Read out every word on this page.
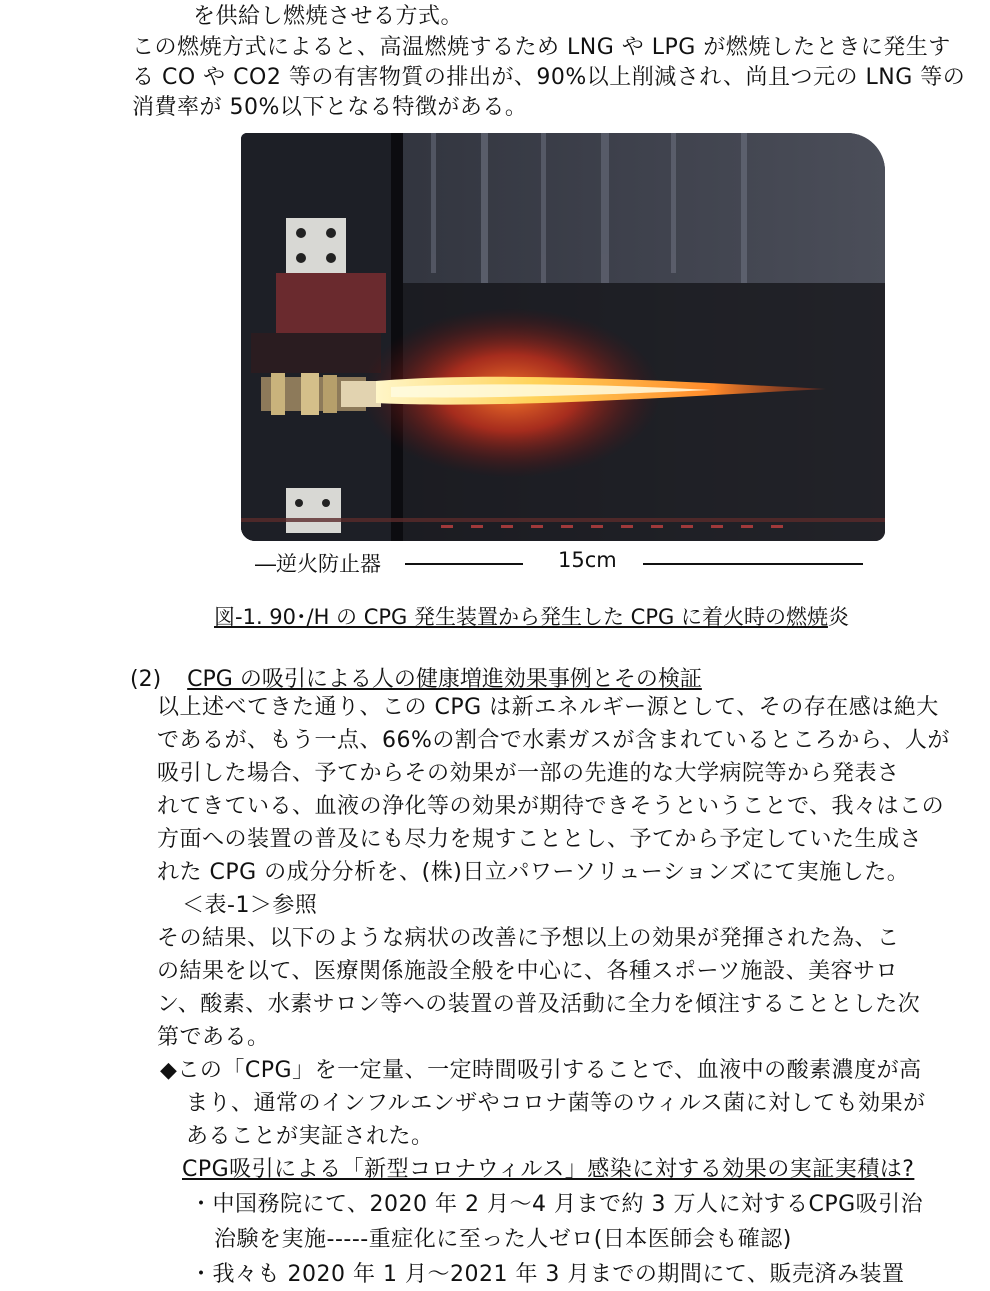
を供給し燃焼させる方式。
この燃焼方式によると、高温燃焼するため LNG や LPG が燃焼したときに発生す
る CO や CO2 等の有害物質の排出が、90%以上削減され、尚且つ元の LNG 等の
消費率が 50%以下となる特徴がある。
―逆火防止器	15cm
図-1. 90･/H の CPG 発生装置から発生した CPG に着火時の燃焼炎
(2) CPG の吸引による人の健康増進効果事例とその検証
以上述べてきた通り、この CPG は新エネルギー源として、その存在感は絶大
であるが、もう一点、66%の割合で水素ガスが含まれているところから、人が
吸引した場合、予てからその効果が一部の先進的な大学病院等から発表さ
れてきている、血液の浄化等の効果が期待できそうということで、我々はこの
方面への装置の普及にも尽力を規すこととし、予てから予定していた生成さ
れた CPG の成分分析を、(株)日立パワーソリューションズにて実施した。
＜表-1＞参照
その結果、以下のような病状の改善に予想以上の効果が発揮された為、こ
の結果を以て、医療関係施設全般を中心に、各種スポーツ施設、美容サロ
ン、酸素、水素サロン等への装置の普及活動に全力を傾注することとした次
第である。
◆この「CPG」を一定量、一定時間吸引することで、血液中の酸素濃度が高
まり、通常のインフルエンザやコロナ菌等のウィルス菌に対しても効果が
あることが実証された。
CPG吸引による「新型コロナウィルス」感染に対する効果の実証実積は?
・中国務院にて、2020 年 2 月～4 月まで約 3 万人に対するCPG吸引治
治験を実施-----重症化に至った人ゼロ(日本医師会も確認)
・我々も 2020 年 1 月～2021 年 3 月までの期間にて、販売済み装置
